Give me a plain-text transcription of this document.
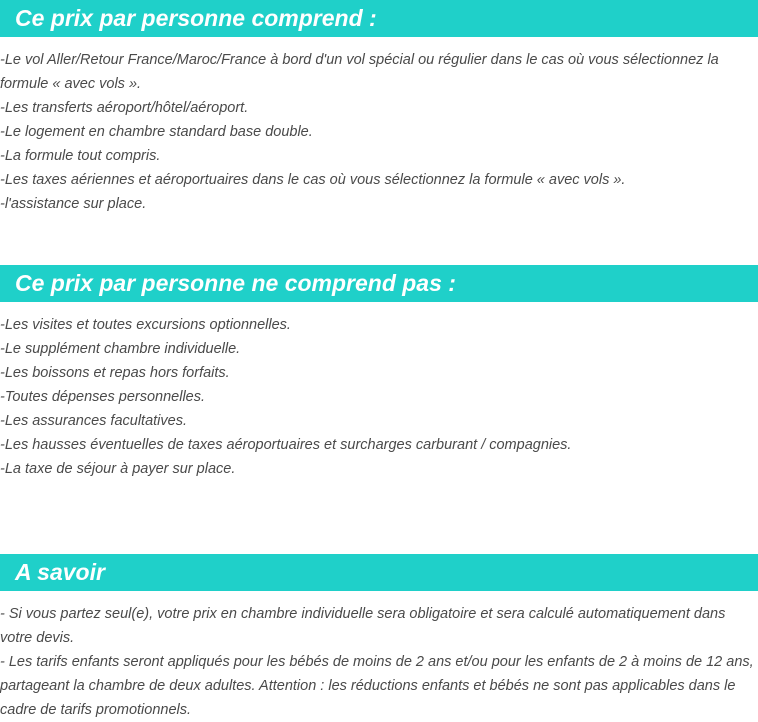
Ce prix par personne comprend :

-Le vol Aller/Retour France/Maroc/France à bord d'un vol spécial ou régulier dans le cas où vous sélectionnez la formule « avec vols ».

-Les transferts aéroport/hôtel/aéroport.

-Le logement en chambre standard base double.

-La formule tout compris.

-Les taxes aériennes et aéroportuaires dans le cas où vous sélectionnez la formule « avec vols ».

-l'assistance sur place.

Ce prix par personne ne comprend pas :

-Les visites et toutes excursions optionnelles.

-Le supplément chambre individuelle.

-Les boissons et repas hors forfaits.

-Toutes dépenses personnelles.

-Les assurances facultatives.

-Les hausses éventuelles de taxes aéroportuaires et surcharges carburant / compagnies.

-La taxe de séjour à payer sur place.

A savoir

- Si vous partez seul(e), votre prix en chambre individuelle sera obligatoire et sera calculé automatiquement dans votre devis.

- Les tarifs enfants seront appliqués pour les bébés de moins de 2 ans et/ou pour les enfants de 2 à moins de 12 ans, partageant la chambre de deux adultes. Attention : les réductions enfants et bébés ne sont pas applicables dans le cadre de tarifs promotionnels.
